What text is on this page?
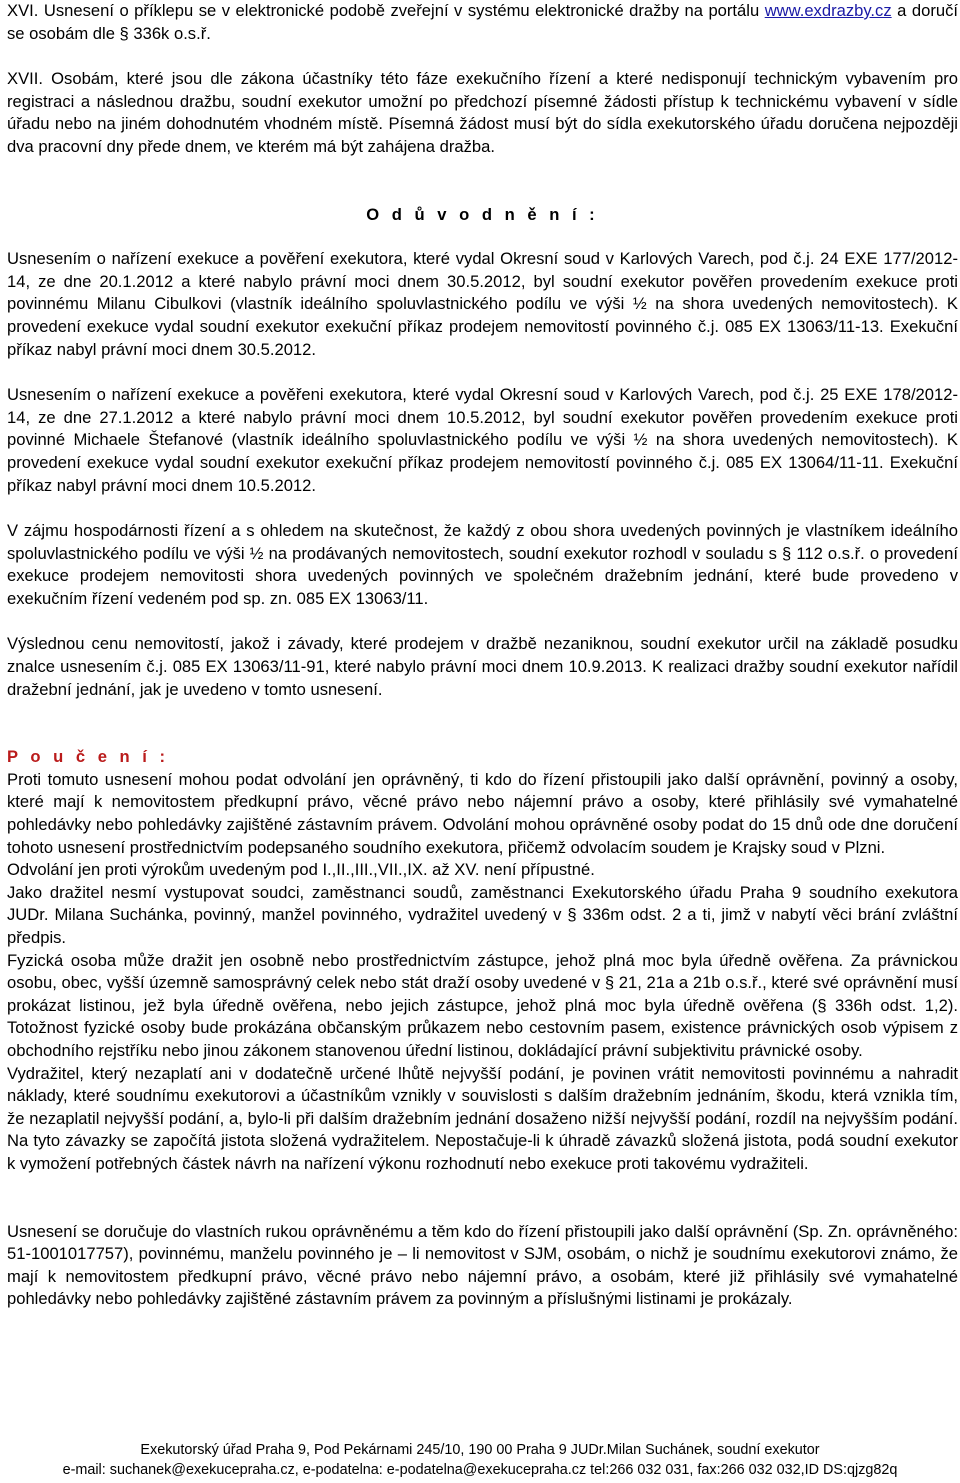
XVI. Usnesení o příklepu se v elektronické podobě zveřejní v systému elektronické dražby na portálu www.exdrazby.cz a doručí se osobám dle § 336k o.s.ř.

XVII. Osobám, které jsou dle zákona účastníky této fáze exekučního řízení a které nedisponují technickým vybavením pro registraci a následnou dražbu, soudní exekutor umožní po předchozí písemné žádosti přístup k technickému vybavení v sídle úřadu nebo na jiném dohodnutém vhodném místě. Písemná žádost musí být do sídla exekutorského úřadu doručena nejpozději dva pracovní dny přede dnem, ve kterém má být zahájena dražba.

O d ů v o d n ě n í :

Usnesením o nařízení exekuce a pověření exekutora, které vydal Okresní soud v Karlových Varech, pod č.j. 24 EXE 177/2012-14, ze dne 20.1.2012 a které nabylo právní moci dnem 30.5.2012, byl soudní exekutor pověřen provedením exekuce proti povinnému Milanu Cibulkovi (vlastník ideálního spoluvlastnického podílu ve výši ½ na shora uvedených nemovitostech). K provedení exekuce vydal soudní exekutor exekuční příkaz prodejem nemovitostí povinného č.j. 085 EX 13063/11-13. Exekuční příkaz nabyl právní moci dnem 30.5.2012.

Usnesením o nařízení exekuce a pověřeni exekutora, které vydal Okresní soud v Karlových Varech, pod č.j. 25 EXE 178/2012-14, ze dne 27.1.2012 a které nabylo právní moci dnem 10.5.2012, byl soudní exekutor pověřen provedením exekuce proti povinné Michaele Štefanové (vlastník ideálního spoluvlastnického podílu ve výši ½ na shora uvedených nemovitostech). K provedení exekuce vydal soudní exekutor exekuční příkaz prodejem nemovitostí povinného č.j. 085 EX 13064/11-11. Exekuční příkaz nabyl právní moci dnem 10.5.2012.

V zájmu hospodárnosti řízení a s ohledem na skutečnost, že každý z obou shora uvedených povinných je vlastníkem ideálního spoluvlastnického podílu ve výši ½ na prodávaných nemovitostech, soudní exekutor rozhodl v souladu s § 112 o.s.ř. o provedení exekuce prodejem nemovitosti shora uvedených povinných ve společném dražebním jednání, které bude provedeno v exekučním řízení vedeném pod sp. zn. 085 EX 13063/11.

Výslednou cenu nemovitostí, jakož i závady, které prodejem v dražbě nezaniknou, soudní exekutor určil na základě posudku znalce usnesením č.j. 085 EX 13063/11-91, které nabylo právní moci dnem 10.9.2013. K realizaci dražby soudní exekutor nařídil dražební jednání, jak je uvedeno v tomto usnesení.

P o u č e n í :

Proti tomuto usnesení mohou podat odvolání jen oprávněný, ti kdo do řízení přistoupili jako další oprávnění, povinný a osoby, které mají k nemovitostem předkupní právo, věcné právo nebo nájemní právo a osoby, které přihlásily své vymahatelné pohledávky nebo pohledávky zajištěné zástavním právem. Odvolání mohou oprávněné osoby podat do 15 dnů ode dne doručení tohoto usnesení prostřednictvím podepsaného soudního exekutora, přičemž odvolacím soudem je Krajsky soud v Plzni.

Odvolání jen proti výrokům uvedeným pod I.,II.,III.,VII.,IX. až XV. není přípustné.

Jako dražitel nesmí vystupovat soudci, zaměstnanci soudů, zaměstnanci Exekutorského úřadu Praha 9 soudního exekutora JUDr. Milana Suchánka, povinný, manžel povinného, vydražitel uvedený v § 336m odst. 2 a ti, jimž v nabytí věci brání zvláštní předpis.

Fyzická osoba může dražit jen osobně nebo prostřednictvím zástupce, jehož plná moc byla úředně ověřena. Za právnickou osobu, obec, vyšší územně samosprávný celek nebo stát draží osoby uvedené v § 21, 21a a 21b o.s.ř., které své oprávnění musí prokázat listinou, jež byla úředně ověřena, nebo jejich zástupce, jehož plná moc byla úředně ověřena (§ 336h odst. 1,2). Totožnost fyzické osoby bude prokázána občanským průkazem nebo cestovním pasem, existence právnických osob výpisem z obchodního rejstříku nebo jinou zákonem stanovenou úřední listinou, dokládající právní subjektivitu právnické osoby.

Vydražitel, který nezaplatí ani v dodatečně určené lhůtě nejvyšší podání, je povinen vrátit nemovitosti povinnému a nahradit náklady, které soudnímu exekutorovi a účastníkům vznikly v souvislosti s dalším dražebním jednáním, škodu, která vznikla tím, že nezaplatil nejvyšší podání, a, bylo-li při dalším dražebním jednání dosaženo nižší nejvyšší podání, rozdíl na nejvyšším podání. Na tyto závazky se započítá jistota složená vydražitelem. Nepostačuje-li k úhradě závazků složená jistota, podá soudní exekutor k vymožení potřebných částek návrh na nařízení výkonu rozhodnutí nebo exekuce proti takovému vydražiteli.

Usnesení se doručuje do vlastních rukou oprávněnému a těm kdo do řízení přistoupili jako další oprávnění (Sp. Zn. oprávněného: 51-1001017757), povinnému, manželu povinného je – li nemovitost v SJM, osobám, o nichž je soudnímu exekutorovi známo, že mají k nemovitostem předkupní právo, věcné právo nebo nájemní právo, a osobám, které již přihlásily své vymahatelné pohledávky nebo pohledávky zajištěné zástavním právem za povinným a příslušnými listinami je prokázaly.

Exekutorský úřad Praha 9, Pod Pekárnami 245/10, 190 00 Praha 9 JUDr.Milan Suchánek, soudní exekutor
e-mail: suchanek@exekucepraha.cz, e-podatelna: e-podatelna@exekucepraha.cz tel:266 032 031, fax:266 032 032,ID DS:qjzg82q
